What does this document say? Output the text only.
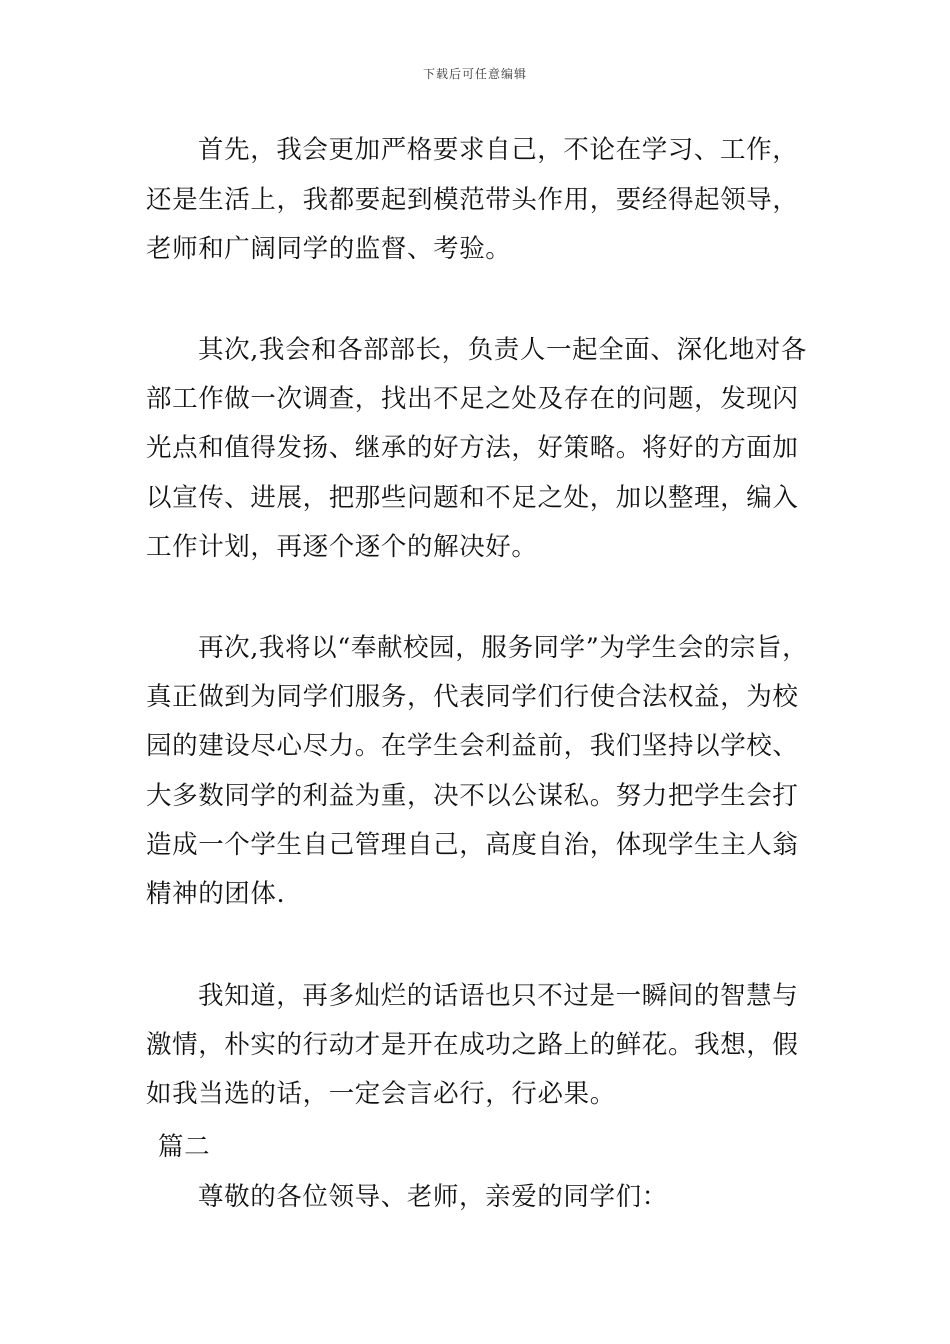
下载后可任意编辑
首先，我会更加严格要求自己，不论在学习、工作，
还是生活上，我都要起到模范带头作用，要经得起领导，
老师和广阔同学的监督、考验。
其次,我会和各部部长，负责人一起全面、深化地对各
部工作做一次调查，找出不足之处及存在的问题，发现闪
光点和值得发扬、继承的好方法，好策略。将好的方面加
以宣传、进展，把那些问题和不足之处，加以整理，编入
工作计划，再逐个逐个的解决好。
再次,我将以“奉献校园，服务同学”为学生会的宗旨，
真正做到为同学们服务，代表同学们行使合法权益，为校
园的建设尽心尽力。在学生会利益前，我们坚持以学校、
大多数同学的利益为重，决不以公谋私。努力把学生会打
造成一个学生自己管理自己，高度自治，体现学生主人翁
精神的团体.
我知道，再多灿烂的话语也只不过是一瞬间的智慧与
激情，朴实的行动才是开在成功之路上的鲜花。我想，假
如我当选的话，一定会言必行，行必果。
篇二
尊敬的各位领导、老师，亲爱的同学们：
